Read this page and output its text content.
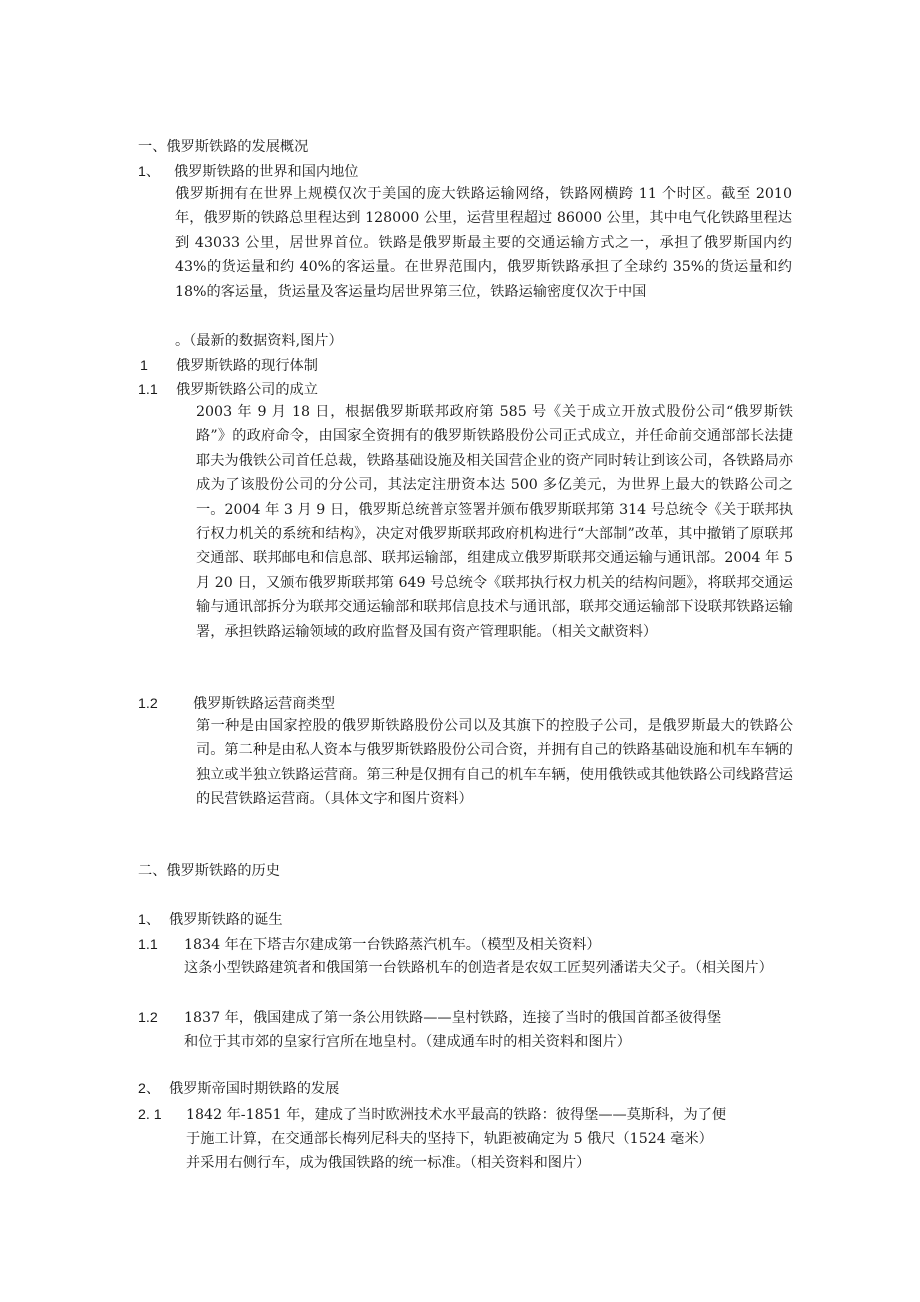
一、俄罗斯铁路的发展概况
1、 俄罗斯铁路的世界和国内地位
俄罗斯拥有在世界上规模仅次于美国的庞大铁路运输网络，铁路网横跨 11 个时区。截至 2010 年，俄罗斯的铁路总里程达到 128000 公里，运营里程超过 86000 公里，其中电气化铁路里程达到 43033 公里，居世界首位。铁路是俄罗斯最主要的交通运输方式之一，承担了俄罗斯国内约 43%的货运量和约 40%的客运量。在世界范围内，俄罗斯铁路承担了全球约 35%的货运量和约 18%的客运量，货运量及客运量均居世界第三位，铁路运输密度仅次于中国
。（最新的数据资料,图片）
1 俄罗斯铁路的现行体制
1.1 俄罗斯铁路公司的成立
2003 年 9 月 18 日，根据俄罗斯联邦政府第 585 号《关于成立开放式股份公司“俄罗斯铁路”》的政府命令，由国家全资拥有的俄罗斯铁路股份公司正式成立，并任命前交通部部长法捷耶夫为俄铁公司首任总裁，铁路基础设施及相关国营企业的资产同时转让到该公司，各铁路局亦成为了该股份公司的分公司，其法定注册资本达 500 多亿美元，为世界上最大的铁路公司之一。2004 年 3 月 9 日，俄罗斯总统普京签署并颁布俄罗斯联邦第 314 号总统令《关于联邦执行权力机关的系统和结构》，决定对俄罗斯联邦政府机构进行“大部制”改革，其中撤销了原联邦交通部、联邦邮电和信息部、联邦运输部，组建成立俄罗斯联邦交通运输与通讯部。2004 年 5 月 20 日，又颁布俄罗斯联邦第 649 号总统令《联邦执行权力机关的结构问题》，将联邦交通运输与通讯部拆分为联邦交通运输部和联邦信息技术与通讯部，联邦交通运输部下设联邦铁路运输署，承担铁路运输领域的政府监督及国有资产管理职能。（相关文献资料）
1.2 俄罗斯铁路运营商类型
第一种是由国家控股的俄罗斯铁路股份公司以及其旗下的控股子公司，是俄罗斯最大的铁路公司。第二种是由私人资本与俄罗斯铁路股份公司合资，并拥有自己的铁路基础设施和机车车辆的独立或半独立铁路运营商。第三种是仅拥有自己的机车车辆，使用俄铁或其他铁路公司线路营运的民营铁路运营商。（具体文字和图片资料）
二、俄罗斯铁路的历史
1、 俄罗斯铁路的诞生
1.1 1834 年在下塔吉尔建成第一台铁路蒸汽机车。（模型及相关资料）
这条小型铁路建筑者和俄国第一台铁路机车的创造者是农奴工匠契列潘诺夫父子。（相关图片）
1.2 1837 年，俄国建成了第一条公用铁路——皇村铁路，连接了当时的俄国首都圣彼得堡
和位于其市郊的皇家行宫所在地皇村。（建成通车时的相关资料和图片）
2、 俄罗斯帝国时期铁路的发展
2. 1 1842 年-1851 年，建成了当时欧洲技术水平最高的铁路：彼得堡——莫斯科，为了便
于施工计算，在交通部长梅列尼科夫的坚持下，轨距被确定为 5 俄尺（1524 毫米）
并采用右侧行车，成为俄国铁路的统一标准。（相关资料和图片）
